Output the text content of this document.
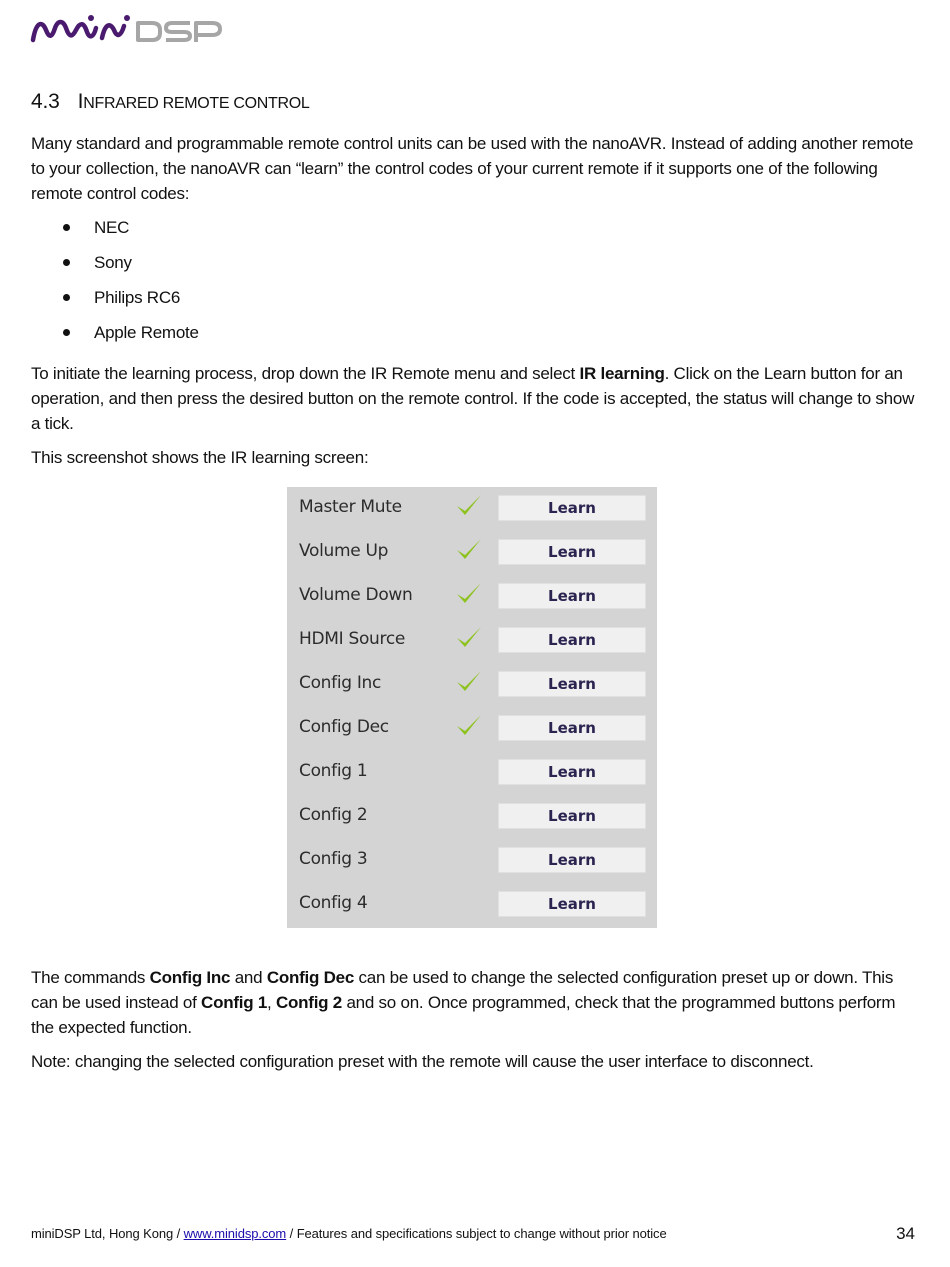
4.3 INFRARED REMOTE CONTROL

Many standard and programmable remote control units can be used with the nanoAVR. Instead of adding another remote to your collection, the nanoAVR can “learn” the control codes of your current remote if it supports one of the following remote control codes:

NEC
Sony
Philips RC6
Apple Remote

To initiate the learning process, drop down the IR Remote menu and select IR learning. Click on the Learn button for an operation, and then press the desired button on the remote control. If the code is accepted, the status will change to show a tick.

This screenshot shows the IR learning screen:

Master Mute	Learn
Volume Up	Learn
Volume Down	Learn
HDMI Source	Learn
Config Inc	Learn
Config Dec	Learn
Config 1	Learn
Config 2	Learn
Config 3	Learn
Config 4	Learn

The commands Config Inc and Config Dec can be used to change the selected configuration preset up or down. This can be used instead of Config 1, Config 2 and so on. Once programmed, check that the programmed buttons perform the expected function.

Note: changing the selected configuration preset with the remote will cause the user interface to disconnect.

miniDSP Ltd, Hong Kong / www.minidsp.com / Features and specifications subject to change without prior notice	34
